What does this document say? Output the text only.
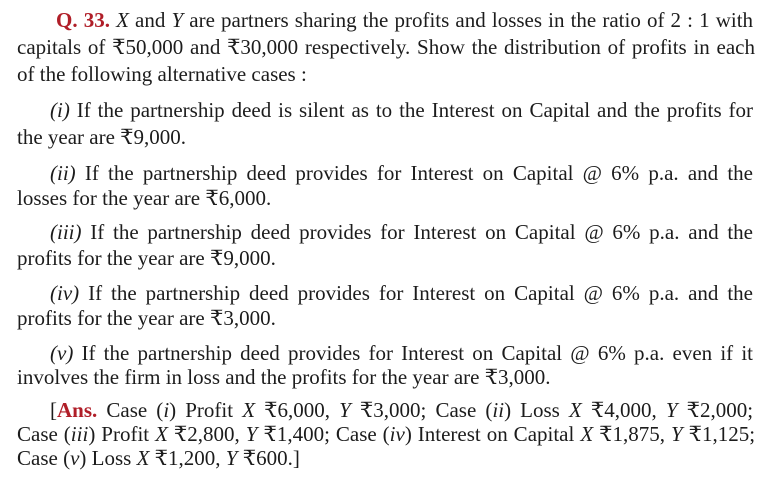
Q. 33. X and Y are partners sharing the profits and losses in the ratio of 2 : 1 with
capitals of ₹50,000 and ₹30,000 respectively. Show the distribution of profits in each
of the following alternative cases :
(i) If the partnership deed is silent as to the Interest on Capital and the profits for
the year are ₹9,000.
(ii) If the partnership deed provides for Interest on Capital @ 6% p.a. and the
losses for the year are ₹6,000.
(iii) If the partnership deed provides for Interest on Capital @ 6% p.a. and the
profits for the year are ₹9,000.
(iv) If the partnership deed provides for Interest on Capital @ 6% p.a. and the
profits for the year are ₹3,000.
(v) If the partnership deed provides for Interest on Capital @ 6% p.a. even if it
involves the firm in loss and the profits for the year are ₹3,000.
[Ans. Case (i) Profit X ₹6,000, Y ₹3,000; Case (ii) Loss X ₹4,000, Y ₹2,000;
Case (iii) Profit X ₹2,800, Y ₹1,400; Case (iv) Interest on Capital X ₹1,875, Y ₹1,125;
Case (v) Loss X ₹1,200, Y ₹600.]
